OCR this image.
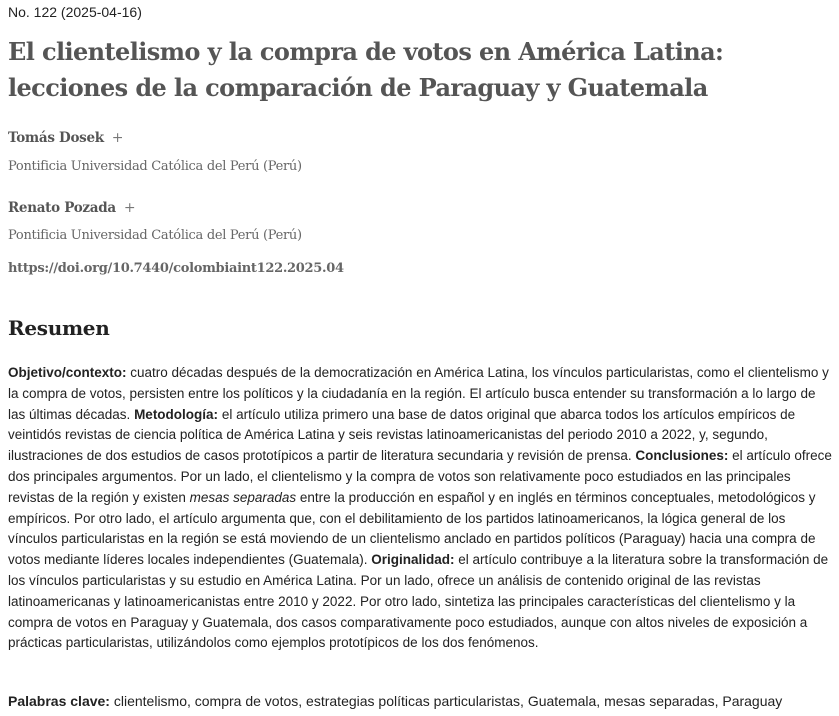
No. 122 (2025-04-16)
El clientelismo y la compra de votos en América Latina: lecciones de la comparación de Paraguay y Guatemala
Tomás Dosek +
Pontificia Universidad Católica del Perú (Perú)
Renato Pozada +
Pontificia Universidad Católica del Perú (Perú)
https://doi.org/10.7440/colombiaint122.2025.04
Resumen

Objetivo/contexto: cuatro décadas después de la democratización en América Latina, los vínculos particularistas, como el clientelismo y la compra de votos, persisten entre los políticos y la ciudadanía en la región. El artículo busca entender su transformación a lo largo de las últimas décadas. Metodología: el artículo utiliza primero una base de datos original que abarca todos los artículos empíricos de veintidós revistas de ciencia política de América Latina y seis revistas latinoamericanistas del periodo 2010 a 2022, y, segundo, ilustraciones de dos estudios de casos prototípicos a partir de literatura secundaria y revisión de prensa. Conclusiones: el artículo ofrece dos principales argumentos. Por un lado, el clientelismo y la compra de votos son relativamente poco estudiados en las principales revistas de la región y existen mesas separadas entre la producción en español y en inglés en términos conceptuales, metodológicos y empíricos. Por otro lado, el artículo argumenta que, con el debilitamiento de los partidos latinoamericanos, la lógica general de los vínculos particularistas en la región se está moviendo de un clientelismo anclado en partidos políticos (Paraguay) hacia una compra de votos mediante líderes locales independientes (Guatemala). Originalidad: el artículo contribuye a la literatura sobre la transformación de los vínculos particularistas y su estudio en América Latina. Por un lado, ofrece un análisis de contenido original de las revistas latinoamericanas y latinoamericanistas entre 2010 y 2022. Por otro lado, sintetiza las principales características del clientelismo y la compra de votos en Paraguay y Guatemala, dos casos comparativamente poco estudiados, aunque con altos niveles de exposición a prácticas particularistas, utilizándolos como ejemplos prototípicos de los dos fenómenos.

Palabras clave: clientelismo, compra de votos, estrategias políticas particularistas, Guatemala, mesas separadas, Paraguay
